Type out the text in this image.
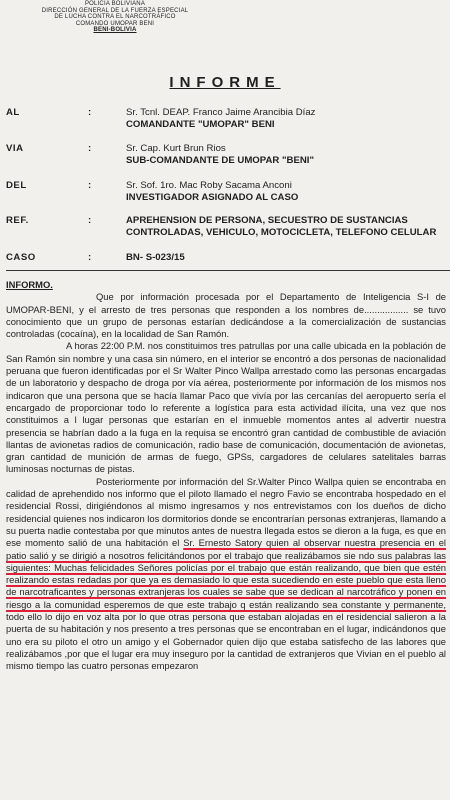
POLICIA BOLIVIANA
DIRECCIÓN GENERAL DE LA FUERZA ESPECIAL
DE LUCHA CONTRA EL NARCOTRÁFICO
COMANDO UMOPAR BENI
BENI-BOLIVIA
INFORME
AL	:	Sr. Tcnl. DEAP. Franco Jaime Arancibia Díaz
COMANDANTE "UMOPAR" BENI
VIA	:	Sr. Cap. Kurt Brun Rios
SUB-COMANDANTE DE UMOPAR "BENI"
DEL	:	Sr. Sof. 1ro. Mac Roby Sacama Anconi
INVESTIGADOR ASIGNADO AL CASO
REF.	:	APREHENSION DE PERSONA, SECUESTRO DE SUSTANCIAS CONTROLADAS, VEHICULO, MOTOCICLETA, TELEFONO CELULAR
CASO	:	BN- S-023/15

INFORMO.

Que por información procesada por el Departamento de Inteligencia S-I de UMOPAR-BENI, y el arresto de tres personas que responden a los nombres de................. se tuvo conocimiento que un grupo de personas estarían dedicándose a la comercialización de sustancias controladas (cocaína), en la localidad de San Ramón.

A horas 22:00 P.M. nos constituimos tres patrullas por una calle ubicada en la población de San Ramón sin nombre y una casa sin número, en el interior se encontró a dos personas de nacionalidad peruana que fueron identificadas por el Sr Walter Pinco Wallpa arrestado como las personas encargadas de un laboratorio y despacho de droga por vía aérea, posteriormente por información de los mismos nos indicaron que una persona que se hacía llamar Paco que vivía por las cercanías del aeropuerto sería el encargado de proporcionar todo lo referente a logística para esta actividad ilícita, una vez que nos constituimos a l lugar personas que estarían en el inmueble momentos antes al advertir nuestra presencia se habrían dado a la fuga en la requisa se encontró gran cantidad de combustible de aviación llantas de avionetas radios de comunicación, radio base de comunicación, documentación de avionetas, gran cantidad de munición de armas de fuego, GPSs, cargadores de celulares satelitales barras luminosas nocturnas de pistas.

Posteriormente por información del Sr.Walter Pinco Wallpa quien se encontraba en calidad de aprehendido nos informo que el piloto llamado el negro Favio se encontraba hospedado en el residencial Rossi, dirigiéndonos al mismo ingresamos y nos entrevistamos con los dueños de dicho residencial quienes nos indicaron los dormitorios donde se encontrarían personas extranjeras, llamando a su puerta nadie contestaba por que minutos antes de nuestra llegada estos se dieron a la fuga, es que en ese momento salió de una habitación el Sr. Ernesto Satory quien al observar nuestra presencia en el patio salió y se dirigió a nosotros felicitándonos por el trabajo que realizábamos sie ndo sus palabras las siguientes: Muchas felicidades Señores policías por el trabajo que están realizando, que bien que estén realizando estas redadas por que ya es demasiado lo que esta sucediendo en este pueblo que esta lleno de narcotraficantes y personas extranjeras los cuales se sabe que se dedican al narcotráfico y ponen en riesgo a la comunidad esperemos de que este trabajo q están realizando sea constante y permanente, todo ello lo dijo en voz alta por lo que otras persona que estaban alojadas en el residencial salieron a la puerta de su habitación y nos presento a tres personas que se encontraban en el lugar, indicándonos que uno era su piloto el otro un amigo y el Gobernador quien dijo que estaba satisfecho de las labores que realizábamos ,por que el lugar era muy inseguro por la cantidad de extranjeros que Vivian en el pueblo al mismo tiempo las cuatro personas empezaron
